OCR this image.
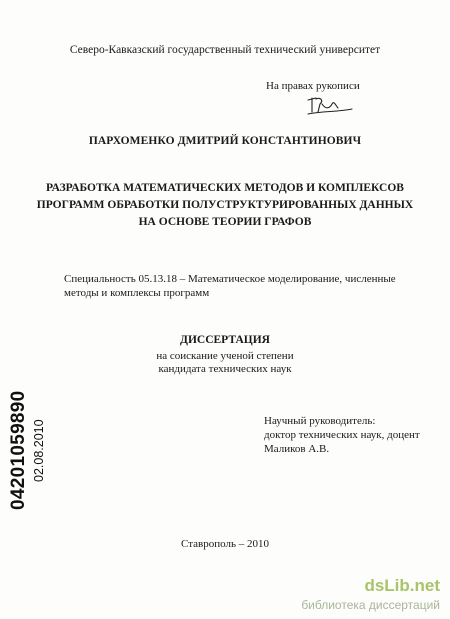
Северо-Кавказский государственный технический университет
На правах рукописи
ПАРХОМЕНКО ДМИТРИЙ КОНСТАНТИНОВИЧ
РАЗРАБОТКА МАТЕМАТИЧЕСКИХ МЕТОДОВ И КОМПЛЕКСОВ
ПРОГРАММ ОБРАБОТКИ ПОЛУСТРУКТУРИРОВАННЫХ ДАННЫХ
НА ОСНОВЕ ТЕОРИИ ГРАФОВ
Специальность 05.13.18 – Математическое моделирование, численные
методы и комплексы программ
ДИССЕРТАЦИЯ
на соискание ученой степени
кандидата технических наук
04201059890 02.08.2010	Научный руководитель:
доктор технических наук, доцент
Маликов А.В.
Ставрополь – 2010
dsLib.net
библиотека диссертаций
